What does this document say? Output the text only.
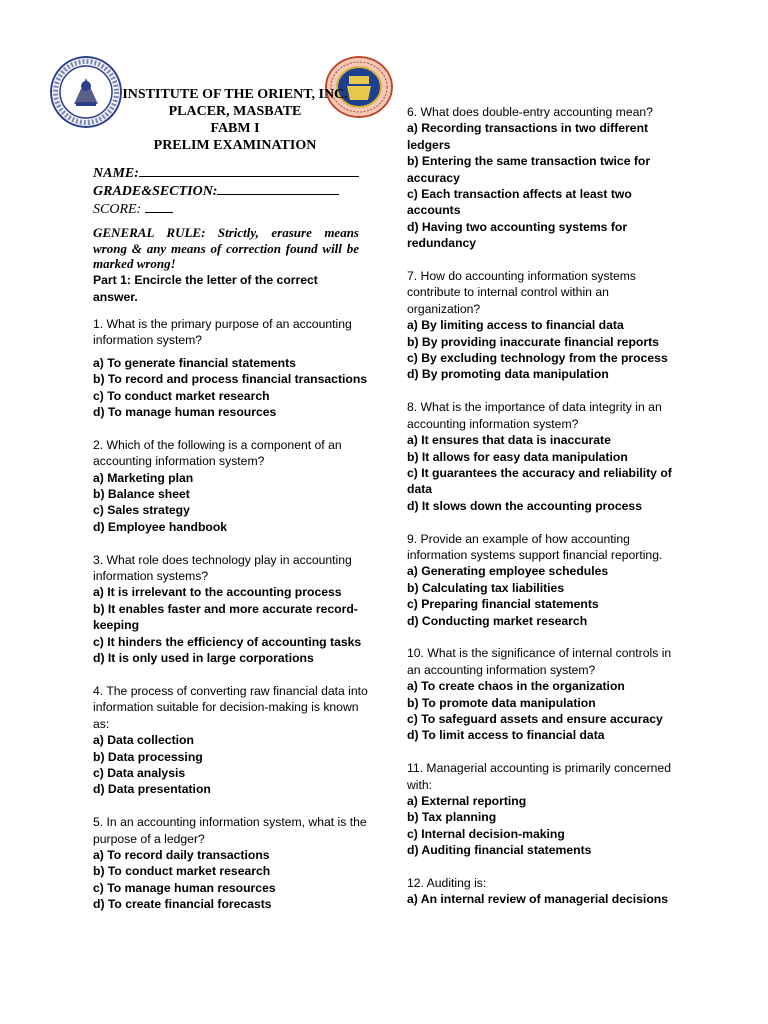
INSTITUTE OF THE ORIENT, INC.
PLACER, MASBATE
FABM I
PRELIM EXAMINATION
NAME:
GRADE&SECTION:
SCORE:
GENERAL RULE: Strictly, erasure means wrong & any means of correction found will be marked wrong!
Part 1: Encircle the letter of the correct answer.
1. What is the primary purpose of an accounting information system?
a) To generate financial statements
b) To record and process financial transactions
c) To conduct market research
d) To manage human resources
2. Which of the following is a component of an accounting information system?
a) Marketing plan
b) Balance sheet
c) Sales strategy
d) Employee handbook
3. What role does technology play in accounting information systems?
a) It is irrelevant to the accounting process
b) It enables faster and more accurate record-keeping
c) It hinders the efficiency of accounting tasks
d) It is only used in large corporations
4. The process of converting raw financial data into information suitable for decision-making is known as:
a) Data collection
b) Data processing
c) Data analysis
d) Data presentation
5. In an accounting information system, what is the purpose of a ledger?
a) To record daily transactions
b) To conduct market research
c) To manage human resources
d) To create financial forecasts
6. What does double-entry accounting mean?
a) Recording transactions in two different ledgers
b) Entering the same transaction twice for accuracy
c) Each transaction affects at least two accounts
d) Having two accounting systems for redundancy
7. How do accounting information systems contribute to internal control within an organization?
a) By limiting access to financial data
b) By providing inaccurate financial reports
c) By excluding technology from the process
d) By promoting data manipulation
8. What is the importance of data integrity in an accounting information system?
a) It ensures that data is inaccurate
b) It allows for easy data manipulation
c) It guarantees the accuracy and reliability of data
d) It slows down the accounting process
9. Provide an example of how accounting information systems support financial reporting.
a) Generating employee schedules
b) Calculating tax liabilities
c) Preparing financial statements
d) Conducting market research
10. What is the significance of internal controls in an accounting information system?
a) To create chaos in the organization
b) To promote data manipulation
c) To safeguard assets and ensure accuracy
d) To limit access to financial data
11. Managerial accounting is primarily concerned with:
a) External reporting
b) Tax planning
c) Internal decision-making
d) Auditing financial statements
12. Auditing is:
a) An internal review of managerial decisions
